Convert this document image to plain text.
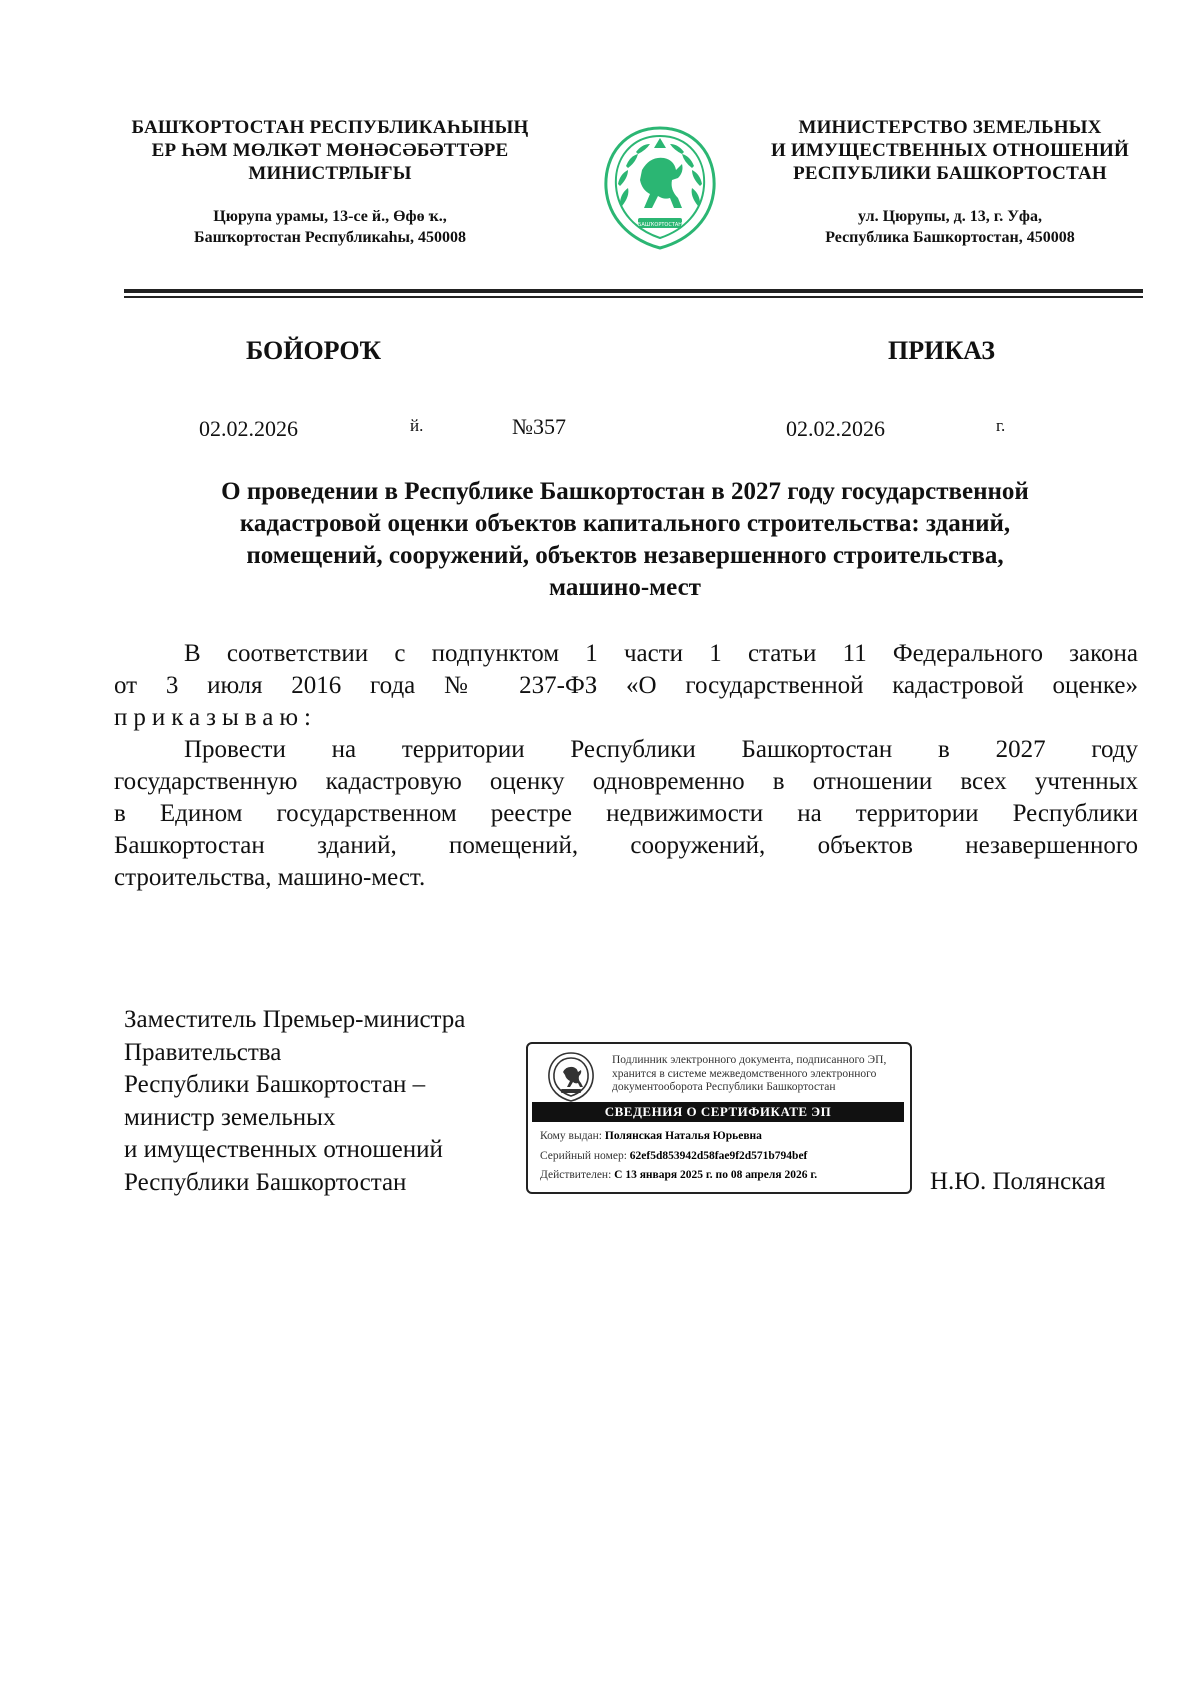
БАШҠОРТОСТАН РЕСПУБЛИКАҺЫНЫҢ
ЕР ҺӘМ МӨЛКӘТ МӨНӘСӘБӘТТӘРЕ
МИНИСТРЛЫҒЫ
Цюрупа урамы, 13-се й., Өфө ҡ.,
Башҡортостан Республикаһы, 450008
БАШҠОРТОСТАН
МИНИСТЕРСТВО ЗЕМЕЛЬНЫХ
И ИМУЩЕСТВЕННЫХ ОТНОШЕНИЙ
РЕСПУБЛИКИ БАШКОРТОСТАН
ул. Цюрупы, д. 13, г. Уфа,
Республика Башкортостан, 450008
БОЙОРОҠ	ПРИКАЗ
02.02.2026	й.	№357	02.02.2026	г.
О проведении в Республике Башкортостан в 2027 году государственной
кадастровой оценки объектов капитального строительства: зданий,
помещений, сооружений, объектов незавершенного строительства,
машино-мест
В соответствии с подпунктом 1 части 1 статьи 11 Федерального закона
от 3 июля 2016 года № 237-ФЗ «О государственной кадастровой оценке»
приказываю:
Провести на территории Республики Башкортостан в 2027 году
государственную кадастровую оценку одновременно в отношении всех учтенных
в Едином государственном реестре недвижимости на территории Республики
Башкортостан зданий, помещений, сооружений, объектов незавершенного
строительства, машино-мест.
Заместитель Премьер-министра
Правительства
Республики Башкортостан –
министр земельных
и имущественных отношений
Республики Башкортостан
Подлинник электронного документа, подписанного ЭП,
хранится в системе межведомственного электронного
документооборота Республики Башкортостан
СВЕДЕНИЯ О СЕРТИФИКАТЕ ЭП
Кому выдан: Полянская Наталья Юрьевна
Серийный номер: 62ef5d853942d58fae9f2d571b794bef
Действителен: С 13 января 2025 г. по 08 апреля 2026 г.	Н.Ю. Полянская
